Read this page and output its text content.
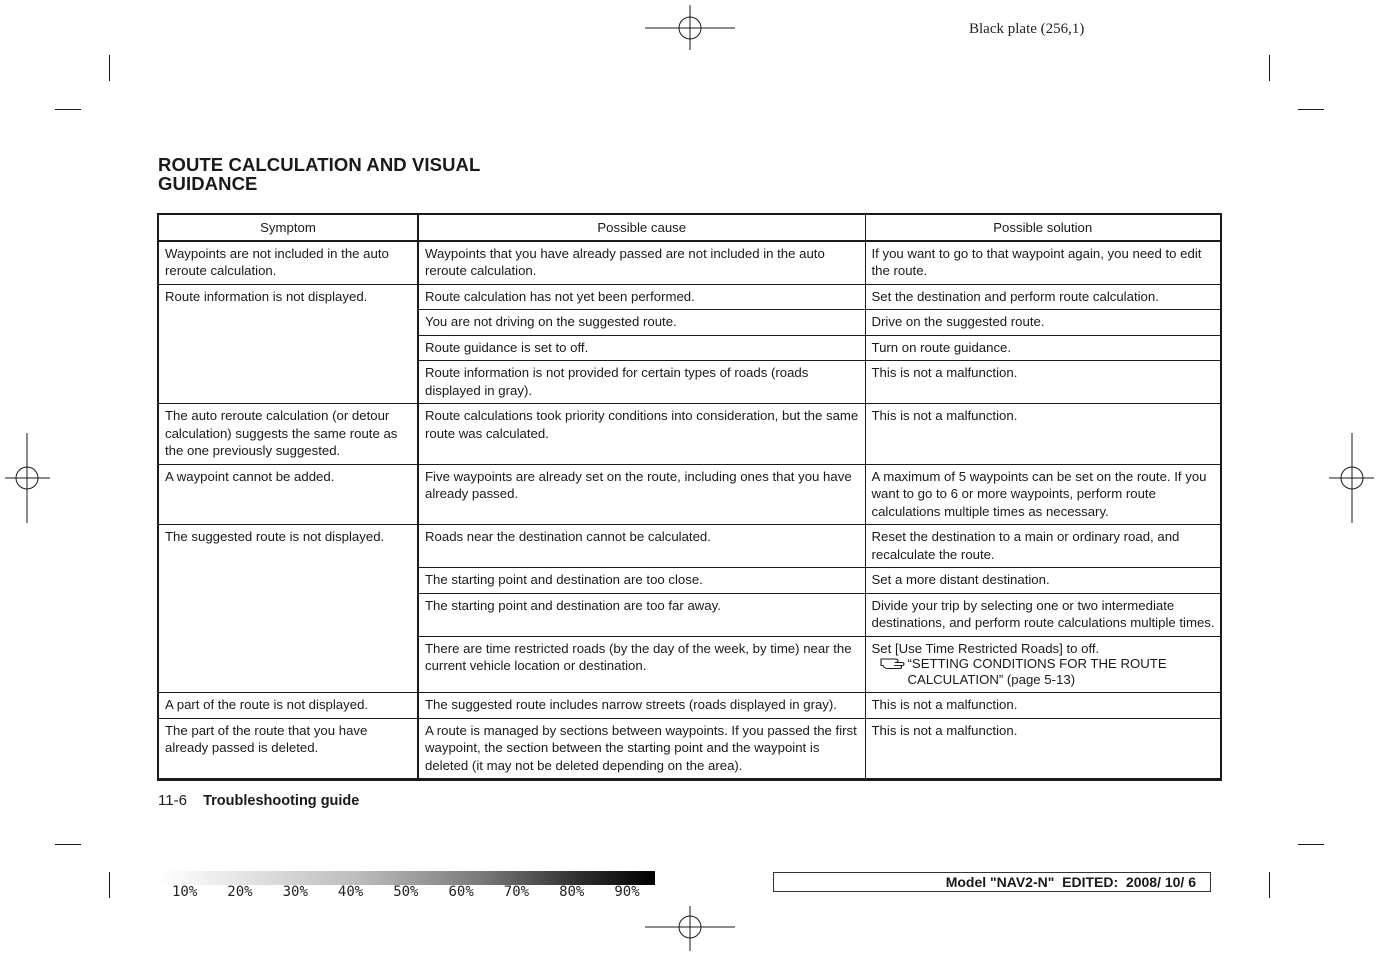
Black plate (256,1)
ROUTE CALCULATION AND VISUAL
GUIDANCE
Symptom	Possible cause	Possible solution
Waypoints are not included in the auto reroute calculation.	Waypoints that you have already passed are not included in the auto reroute calculation.	If you want to go to that waypoint again, you need to edit the route.
Route information is not displayed.	Route calculation has not yet been performed.	Set the destination and perform route calculation.
	You are not driving on the suggested route.	Drive on the suggested route.
	Route guidance is set to off.	Turn on route guidance.
	Route information is not provided for certain types of roads (roads displayed in gray).	This is not a malfunction.
The auto reroute calculation (or detour calculation) suggests the same route as the one previously suggested.	Route calculations took priority conditions into consideration, but the same route was calculated.	This is not a malfunction.
A waypoint cannot be added.	Five waypoints are already set on the route, including ones that you have already passed.	A maximum of 5 waypoints can be set on the route. If you want to go to 6 or more waypoints, perform route calculations multiple times as necessary.
The suggested route is not displayed.	Roads near the destination cannot be calculated.	Reset the destination to a main or ordinary road, and recalculate the route.
	The starting point and destination are too close.	Set a more distant destination.
	The starting point and destination are too far away.	Divide your trip by selecting one or two intermediate destinations, and perform route calculations multiple times.
	There are time restricted roads (by the day of the week, by time) near the current vehicle location or destination.	Set [Use Time Restricted Roads] to off.
“SETTING CONDITIONS FOR THE ROUTE CALCULATION” (page 5-13)

A part of the route is not displayed.	The suggested route includes narrow streets (roads displayed in gray).	This is not a malfunction.
The part of the route that you have already passed is deleted.	A route is managed by sections between waypoints. If you passed the first waypoint, the section between the starting point and the waypoint is deleted (it may not be deleted depending on the area).	This is not a malfunction.
11-6 Troubleshooting guide
10%	20%	30%	40%	50%	60%	70%	80%	90%
Model "NAV2-N"  EDITED:  2008/ 10/ 6
